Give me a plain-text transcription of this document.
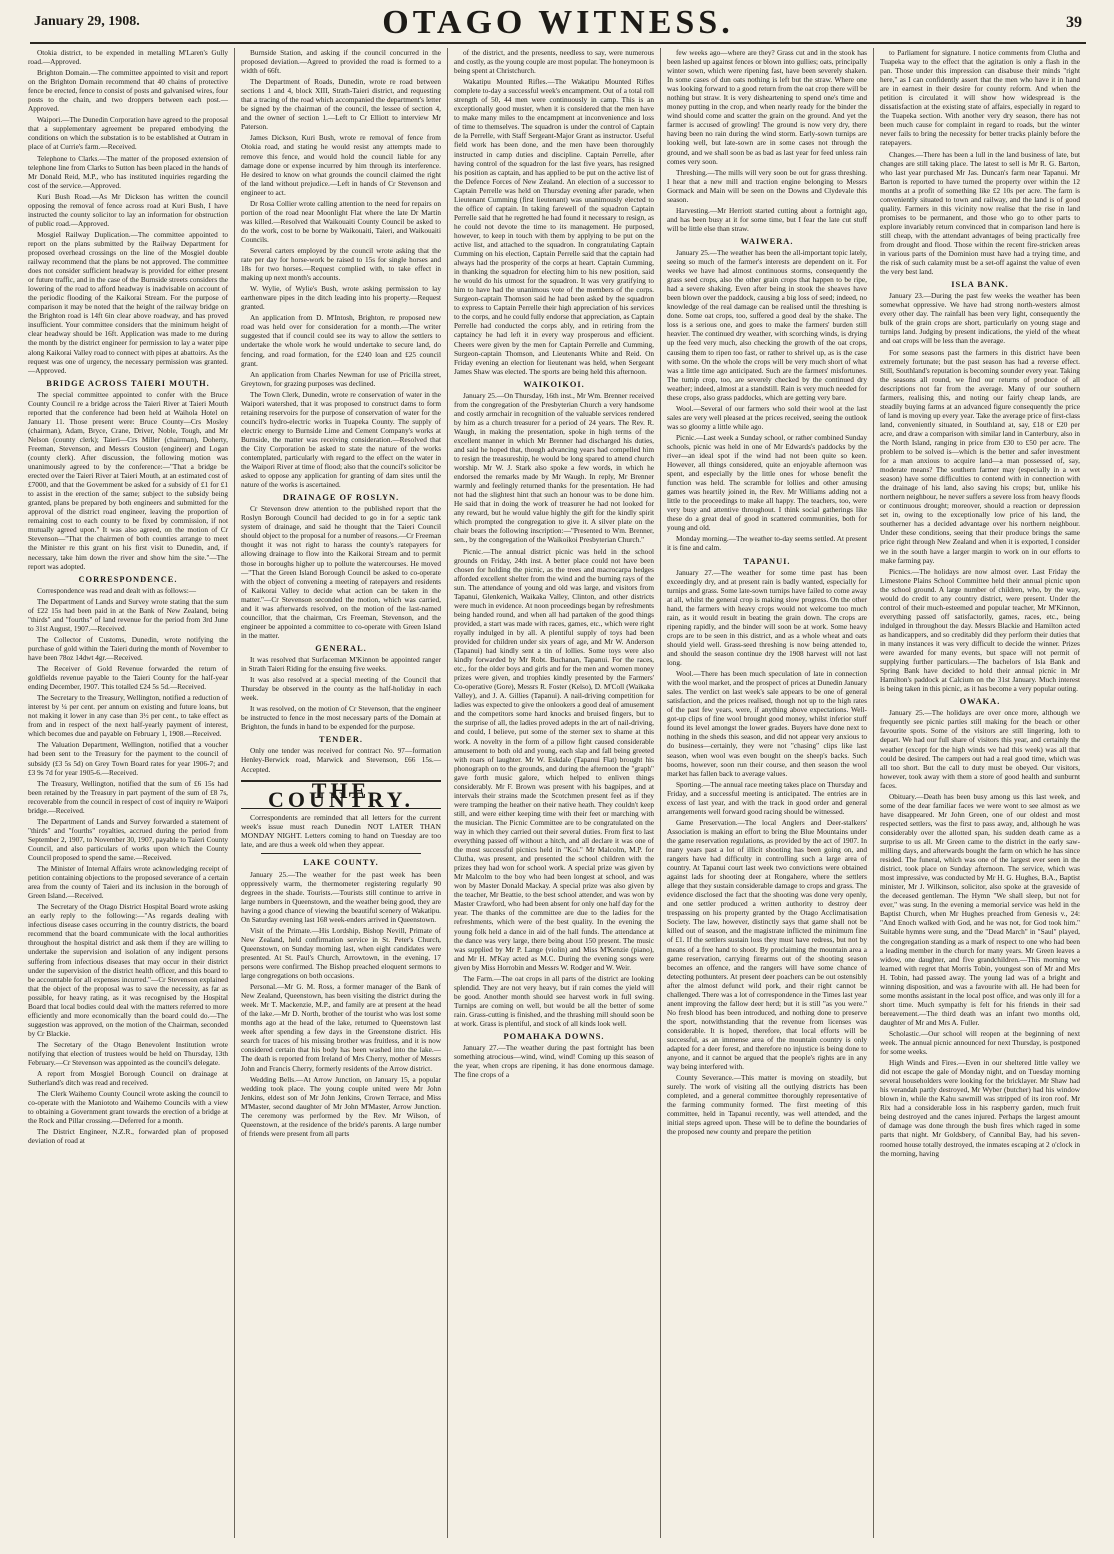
January 29, 1908.	OTAGO WITNESS.	39

Otokia district, to be expended in metalling M'Laren's Gully road.—Approved.

Brighton Domain.—The committee appointed to visit and report on the Brighton Domain recommend that 40 chains of protective fence be erected, fence to consist of posts and galvanised wires, four posts to the chain, and two droppers between each post.—Approved.

Waipori.—The Dunedin Corporation have agreed to the proposal that a supplementary agreement be prepared embodying the conditions on which the substation is to be established at Outram in place of at Currie's farm.—Received.

Telephone to Clarks.—The matter of the proposed extension of telephone line from Clarks to Sutton has been placed in the hands of Mr Donald Reid, M.P., who has instituted inquiries regarding the cost of the service.—Approved.

Kuri Bush Road.—As Mr Dickson has written the council opposing the removal of fence across road at Kuri Bush, I have instructed the county solicitor to lay an information for obstruction of public road.—Approved.

Mosgiel Railway Duplication.—The committee appointed to report on the plans submitted by the Railway Department for proposed overhead crossings on the line of the Mosgiel double railway recommend that the plans be not approved. The committee does not consider sufficient headway is provided for either present or future traffic, and in the case of the Burnside streets considers the lowering of the road to afford headway is inadvisable on account of the periodic flooding of the Kaikorai Stream. For the purpose of comparison it may be noted that the height of the railway bridge on the Brighton road is 14ft 6in clear above roadway, and has proved insufficient. Your committee considers that the minimum height of clear headway should be 16ft. Application was made to me during the month by the district engineer for permission to lay a water pipe along Kaikorai Valley road to connect with pipes at abattoirs. As the request was one of urgency, the necessary permission was granted.—Approved.

BRIDGE ACROSS TAIERI MOUTH.

The special committee appointed to confer with the Bruce County Council re a bridge across the Taieri River at Taieri Mouth reported that the conference had been held at Waihola Hotel on January 11. Those present were: Bruce County—Crs Mosley (chairman), Adam, Bryce, Crane, Driver, Noble, Tough, and Mr Nelson (county clerk); Taieri—Crs Miller (chairman), Doherty, Freeman, Stevenson, and Messrs Couston (engineer) and Logan (county clerk). After discussion, the following motion was unanimously agreed to by the conference:—"That a bridge be erected over the Taieri River at Taieri Mouth, at an estimated cost of £7000, and that the Government be asked for a subsidy of £1 for £1 to assist in the erection of the same; subject to the subsidy being granted, plans be prepared by both engineers and submitted for the approval of the district road engineer, leaving the proportion of remaining cost to each county to be fixed by commission, if not mutually agreed upon." It was also agreed, on the motion of Cr Stevenson—"That the chairmen of both counties arrange to meet the Minister re this grant on his first visit to Dunedin, and, if necessary, take him down the river and show him the site."—The report was adopted.

CORRESPONDENCE.

Correspondence was read and dealt with as follows:—

The Department of Lands and Survey wrote stating that the sum of £22 15s had been paid in at the Bank of New Zealand, being "thirds" and "fourths" of land revenue for the period from 3rd June to 31st August, 1907.—Received.

The Collector of Customs, Dunedin, wrote notifying the purchase of gold within the Taieri during the month of November to have been 78oz 14dwt 4gr.—Received.

The Receiver of Gold Revenue forwarded the return of goldfields revenue payable to the Taieri County for the half-year ending December, 1907. This totalled £24 5s 5d.—Received.

The Secretary to the Treasury, Wellington, notified a reduction of interest by ¼ per cent. per annum on existing and future loans, but not making it lower in any case than 3½ per cent., to take effect as from and in respect of the next half-yearly payment of interest, which becomes due and payable on February 1, 1908.—Received.

The Valuation Department, Wellington, notified that a voucher had been sent to the Treasury for the payment to the council of subsidy (£3 5s 5d) on Grey Town Board rates for year 1906-7; and £3 9s 7d for year 1905-6.—Received.

The Treasury, Wellington, notified that the sum of £6 15s had been retained by the Treasury in part payment of the sum of £8 7s, recoverable from the council in respect of cost of inquiry re Waipori bridge.—Received.

The Department of Lands and Survey forwarded a statement of "thirds" and "fourths" royalties, accrued during the period from September 2, 1907, to November 30, 1907, payable to Taieri County Council, and also particulars of works upon which the County Council proposed to spend the same.—Received.

The Minister of Internal Affairs wrote acknowledging receipt of petition containing objections to the proposed severance of a certain area from the county of Taieri and its inclusion in the borough of Green Island.—Received.

The Secretary of the Otago District Hospital Board wrote asking an early reply to the following:—"As regards dealing with infectious disease cases occurring in the country districts, the board recommend that the board communicate with the local authorities throughout the hospital district and ask them if they are willing to undertake the supervision and isolation of any indigent persons suffering from infectious diseases that may occur in their district under the supervision of the district health officer, and this board to be accountable for all expenses incurred."—Cr Stevenson explained that the object of the proposal was to save the necessity, as far as possible, for heavy rating, as it was recognised by the Hospital Board that local bodies could deal with the matters referred to more efficiently and more economically than the board could do.—The suggestion was approved, on the motion of the Chairman, seconded by Cr Blackie.

The Secretary of the Otago Benevolent Institution wrote notifying that election of trustees would be held on Thursday, 13th February.—Cr Stevenson was appointed as the council's delegate.

A report from Mosgiel Borough Council on drainage at Sutherland's ditch was read and received.

The Clerk Waihemo County Council wrote asking the council to co-operate with the Maniototo and Waihemo Councils with a view to obtaining a Government grant towards the erection of a bridge at the Rock and Pillar crossing.—Deferred for a month.

The District Engineer, N.Z.R., forwarded plan of proposed deviation of road at

Burnside Station, and asking if the council concurred in the proposed deviation.—Agreed to provided the road is formed to a width of 66ft.

The Department of Roads, Dunedin, wrote re road between sections 1 and 4, block XIII, Strath-Taieri district, and requesting that a tracing of the road which accompanied the department's letter be signed by the chairman of the council, the lessee of section 4, and the owner of section 1.—Left to Cr Elliott to interview Mr Paterson.

James Dickson, Kuri Bush, wrote re removal of fence from Otokia road, and stating he would resist any attempts made to remove this fence, and would hold the council liable for any damage done or expense incurred by him through its interference. He desired to know on what grounds the council claimed the right of the land without prejudice.—Left in hands of Cr Stevenson and engineer to act.

Dr Rosa Collier wrote calling attention to the need for repairs on portion of the road near Moonlight Flat where the late Dr Martin was killed.—Resolved that Waikouaiti County Council be asked to do the work, cost to be borne by Waikouaiti, Taieri, and Waikouaiti Councils.

Several carters employed by the council wrote asking that the rate per day for horse-work be raised to 15s for single horses and 18s for two horses.—Request complied with, to take effect in making up next month's accounts.

W. Wylie, of Wylie's Bush, wrote asking permission to lay earthenware pipes in the ditch leading into his property.—Request granted.

An application from D. M'Intosh, Brighton, re proposed new road was held over for consideration for a month.—The writer suggested that if council could see its way to allow the settlers to undertake the whole work he would undertake to secure land, do fencing, and road formation, for the £240 loan and £25 council grant.

An application from Charles Newman for use of Pricilla street, Greytown, for grazing purposes was declined.

The Town Clerk, Dunedin, wrote re conservation of water in the Waipori watershed, that it was proposed to construct dams to form retaining reservoirs for the purpose of conservation of water for the council's hydro-electric works in Tuapeka County. The supply of electric energy to Burnside Lime and Cement Company's works at Burnside, the matter was receiving consideration.—Resolved that the City Corporation be asked to state the nature of the works contemplated, particularly with regard to the effect on the water in the Waipori River at time of flood; also that the council's solicitor be asked to oppose any application for granting of dam sites until the nature of the works is ascertained.

DRAINAGE OF ROSLYN.

Cr Stevenson drew attention to the published report that the Roslyn Borough Council had decided to go in for a septic tank system of drainage, and said he thought that the Taieri Council should object to the proposal for a number of reasons.—Cr Freeman thought it was not right to harass the county's ratepayers for allowing drainage to flow into the Kaikorai Stream and to permit those in boroughs higher up to pollute the watercourses. He moved—"That the Green Island Borough Council be asked to co-operate with the object of convening a meeting of ratepayers and residents of Kaikorai Valley to decide what action can be taken in the matter."—Cr Stevenson seconded the motion, which was carried, and it was afterwards resolved, on the motion of the last-named councillor, that the chairman, Crs Freeman, Stevenson, and the engineer be appointed a committee to co-operate with Green Island in the matter.

GENERAL.

It was resolved that Surfaceman M'Kinnon be appointed ranger in Strath Taieri Riding for the ensuing five weeks.

It was also resolved at a special meeting of the Council that Thursday be observed in the county as the half-holiday in each week.

It was resolved, on the motion of Cr Stevenson, that the engineer be instructed to fence in the most necessary parts of the Domain at Brighton, the funds in hand to be expended for the purpose.

TENDER.

Only one tender was received for contract No. 97—formation Henley-Berwick road, Marwick and Stevenson, £66 15s.—Accepted.

THE COUNTRY.

Correspondents are reminded that all letters for the current week's issue must reach Dunedin NOT LATER THAN MONDAY NIGHT. Letters coming to hand on Tuesday are too late, and are thus a week old when they appear.

LAKE COUNTY.

January 25.—The weather for the past week has been oppressively warm, the thermometer registering regularly 90 degrees in the shade. Tourists.—Tourists still continue to arrive in large numbers in Queenstown, and the weather being good, they are having a good chance of viewing the beautiful scenery of Wakatipu. On Saturday evening last 168 week-enders arrived in Queenstown.

Visit of the Primate.—His Lordship, Bishop Nevill, Primate of New Zealand, held confirmation service in St. Peter's Church, Queenstown, on Sunday morning last, when eight candidates were presented. At St. Paul's Church, Arrowtown, in the evening, 17 persons were confirmed. The Bishop preached eloquent sermons to large congregations on both occasions.

Personal.—Mr G. M. Ross, a former manager of the Bank of New Zealand, Queenstown, has been visiting the district during the week. Mr T. Mackenzie, M.P., and family are at present at the head of the lake.—Mr D. North, brother of the tourist who was lost some months ago at the head of the lake, returned to Queenstown last week after spending a few days in the Greenstone district. His search for traces of his missing brother was fruitless, and it is now considered certain that his body has been washed into the lake.—The death is reported from Ireland of Mrs Cherry, mother of Messrs John and Francis Cherry, formerly residents of the Arrow district.

Wedding Bells.—At Arrow Junction, on January 15, a popular wedding took place. The young couple united were Mr John Jenkins, eldest son of Mr John Jenkins, Crown Terrace, and Miss M'Master, second daughter of Mr John M'Master, Arrow Junction. The ceremony was performed by the Rev. Mr Wilson, of Queenstown, at the residence of the bride's parents. A large number of friends were present from all parts

of the district, and the presents, needless to say, were numerous and costly, as the young couple are most popular. The honeymoon is being spent at Christchurch.

Wakatipu Mounted Rifles.—The Wakatipu Mounted Rifles complete to-day a successful week's encampment. Out of a total roll strength of 50, 44 men were continuously in camp. This is an exceptionally good muster, when it is considered that the men have to make many miles to the encampment at inconvenience and loss of time to themselves. The squadron is under the control of Captain de la Perrelle, with Staff Sergeant-Major Grant as instructor. Useful field work has been done, and the men have been thoroughly instructed in camp duties and discipline. Captain Perrelle, after having control of the squadron for the last five years, has resigned his position as captain, and has applied to be put on the active list of the Defence Forces of New Zealand. An election of a successor to Captain Perrelle was held on Thursday evening after parade, when Lieutenant Cumming (first lieutenant) was unanimously elected to the office of captain. In taking farewell of the squadron Captain Perrelle said that he regretted he had found it necessary to resign, as he could not devote the time to its management. He purposed, however, to keep in touch with them by applying to be put on the active list, and attached to the squadron. In congratulating Captain Cumming on his election, Captain Perrelle said that the captain had always had the prosperity of the corps at heart. Captain Cumming, in thanking the squadron for electing him to his new position, said he would do his utmost for the squadron. It was very gratifying to him to have had the unanimous vote of the members of the corps. Surgeon-captain Thomson said he had been asked by the squadron to express to Captain Perrelle their high appreciation of his services to the corps, and he could fully endorse that appreciation, as Captain Perrelle had conducted the corps ably, and in retiring from the captaincy he had left it in every way prosperous and efficient. Cheers were given by the men for Captain Perrelle and Cumming, Surgeon-captain Thomson, and Lieutenants White and Reid. On Friday evening an election for lieutenant was held, when Sergeant James Shaw was elected. The sports are being held this afternoon.

WAIKOIKOI.

January 25.—On Thursday, 16th inst., Mr Wm. Brenner received from the congregation of the Presbyterian Church a very handsome and costly armchair in recognition of the valuable services rendered by him as a church treasurer for a period of 24 years. The Rev. R. Waugh, in making the presentation, spoke in high terms of the excellent manner in which Mr Brenner had discharged his duties, and said he hoped that, though advancing years had compelled him to resign the treasureship, he would be long spared to attend church worship. Mr W. J. Stark also spoke a few words, in which he endorsed the remarks made by Mr Waugh. In reply, Mr Brenner warmly and feelingly returned thanks for the presentation. He had not had the slightest hint that such an honour was to be done him. He said that in doing the work of treasurer he had not looked for any reward, but he would value highly the gift for the kindly spirit which prompted the congregation to give it. A silver plate on the chair bears the following inscription:—"Presented to Wm. Brenner, sen., by the congregation of the Waikoikoi Presbyterian Church."

Picnic.—The annual district picnic was held in the school grounds on Friday, 24th inst. A better place could not have been chosen for holding the picnic, as the trees and macrocarpa hedges afforded excellent shelter from the wind and the burning rays of the sun. The attendance of young and old was large, and visitors from Tapanui, Glenkenich, Waikaka Valley, Clinton, and other districts were much in evidence. At noon proceedings began by refreshments being handed round, and when all had partaken of the good things provided, a start was made with races, games, etc., which were right royally indulged in by all. A plentiful supply of toys had been provided for children under six years of age, and Mr W. Anderson (Tapanui) had kindly sent a tin of lollies. Some toys were also kindly forwarded by Mr Robt. Buchanan, Tapanui. For the races, etc., for the older boys and girls and for the men and women money prizes were given, and trophies kindly presented by the Farmers' Co-operative (Gore), Messrs R. Foster (Kelso), D. M'Coll (Waikaka Valley), and J. A. Gillies (Tapanui). A nail-driving competition for ladies was expected to give the onlookers a good deal of amusement and the competitors some hard knocks and bruised fingers, but to the surprise of all, the ladies proved adepts in the art of nail-driving, and could, I believe, put some of the sterner sex to shame at this work. A novelty in the form of a pillow fight caused considerable amusement to both old and young, each slap and fall being greeted with roars of laughter. Mr W. Eskdale (Tapanui Flat) brought his phonograph on to the grounds, and during the afternoon the "graph" gave forth music galore, which helped to enliven things considerably. Mr F. Brown was present with his bagpipes, and at intervals their strains made the Scotchmen present feel as if they were tramping the heather on their native heath. They couldn't keep still, and were either keeping time with their feet or marching with the musician. The Picnic Committee are to be congratulated on the way in which they carried out their several duties. From first to last everything passed off without a hitch, and all declare it was one of the most successful picnics held in "Koi." Mr Malcolm, M.P. for Clutha, was present, and presented the school children with the prizes they had won for school work. A special prize was given by Mr Malcolm to the boy who had been longest at school, and was won by Master Donald Mackay. A special prize was also given by the teacher, Mr Beattie, to the best school attender, and was won by Master Crawford, who had been absent for only one half day for the year. The thanks of the committee are due to the ladies for the refreshments, which were of the best quality. In the evening the young folk held a dance in aid of the hall funds. The attendance at the dance was very large, there being about 150 present. The music was supplied by Mr P. Lange (violin) and Miss M'Kenzie (piano), and Mr H. M'Kay acted as M.C. During the evening songs were given by Miss Horrobin and Messrs W. Rodger and W. Weir.

The Farm.—The oat crops in all parts of the district are looking splendid. They are not very heavy, but if rain comes the yield will be good. Another month should see harvest work in full swing. Turnips are coming on well, but would be all the better of some rain. Grass-cutting is finished, and the thrashing mill should soon be at work. Grass is plentiful, and stock of all kinds look well.

POMAHAKA DOWNS.

January 27.—The weather during the past fortnight has been something atrocious—wind, wind, wind! Coming up this season of the year, when crops are ripening, it has done enormous damage. The fine crops of a

few weeks ago—where are they? Grass cut and in the stook has been lashed up against fences or blown into gullies; oats, principally winter sown, which were ripening fast, have been severely shaken. In some cases of dun oats nothing is left but the straw. Where one was looking forward to a good return from the oat crop there will be nothing but straw. It is very disheartening to spend one's time and money putting in the crop, and when nearly ready for the binder the wind should come and scatter the grain on the ground. And yet the farmer is accused of growling! The ground is now very dry, there having been no rain during the wind storm. Early-sown turnips are looking well, but late-sown are in some cases not through the ground, and we shall soon be as bad as last year for feed unless rain comes very soon.

Threshing.—The mills will very soon be out for grass threshing. I hear that a new mill and traction engine belonging to Messrs Gormack and Main will be seen on the Downs and Clydevale this season.

Harvesting.—Mr Herriott started cutting about a fortnight ago, and has been busy at it for some time, but I fear the late cut stuff will be little else than straw.

WAIWERA.

January 25.—The weather has been the all-important topic lately, seeing so much of the farmer's interests are dependent on it. For weeks we have had almost continuous storms, consequently the grass seed crops, also the other grain crops that happen to be ripe, had a severe shaking. Even after being in stook the sheaves have been blown over the paddock, causing a big loss of seed; indeed, no knowledge of the real damage can be realised until the threshing is done. Some oat crops, too, suffered a good deal by the shake. The loss is a serious one, and goes to make the farmers' burden still heavier. The continued dry weather, with scorching winds, is drying up the feed very much, also checking the growth of the oat crops, causing them to ripen too fast, or rather to shrivel up, as is the case with some. On the whole the crops will be very much short of what was a little time ago anticipated. Such are the farmers' misfortunes. The turnip crop, too, are severely checked by the continued dry weather; indeed, almost at a standstill. Rain is very much needed for these crops, also grass paddocks, which are getting very bare.

Wool.—Several of our farmers who sold their wool at the last sales are very well pleased at the prices received, seeing the outlook was so gloomy a little while ago.

Picnic.—Last week a Sunday school, or rather combined Sunday schools, picnic was held in one of Mr Edwards's paddocks by the river—an ideal spot if the wind had not been quite so keen. However, all things considered, quite an enjoyable afternoon was spent, and especially by the little ones for whose benefit the function was held. The scramble for lollies and other amusing games was heartily joined in, the Rev. Mr Williams adding not a little to the proceedings to make all happy. The teachers, too, were very busy and attentive throughout. I think social gatherings like these do a great deal of good in scattered communities, both for young and old.

Monday morning.—The weather to-day seems settled. At present it is fine and calm.

TAPANUI.

January 27.—The weather for some time past has been exceedingly dry, and at present rain is badly wanted, especially for turnips and grass. Some late-sown turnips have failed to come away at all, whilst the general crop is making slow progress. On the other hand, the farmers with heavy crops would not welcome too much rain, as it would result in beating the grain down. The crops are ripening rapidly, and the binder will soon be at work. Some heavy crops are to be seen in this district, and as a whole wheat and oats should yield well. Grass-seed threshing is now being attended to, and should the season continue dry the 1908 harvest will not last long.

Wool.—There has been much speculation of late in connection with the wool market, and the prospect of prices at Dunedin January sales. The verdict on last week's sale appears to be one of general satisfaction, and the prices realised, though not up to the high rates of the past few years, were, if anything above expectations. Well-got-up clips of fine wool brought good money, whilst inferior stuff found its level amongst the lower grades. Buyers have done next to nothing in the sheds this season, and did not appear very anxious to do business—certainly, they were not "chasing" clips like last season, when wool was even bought on the sheep's backs. Such booms, however, soon run their course, and then season the wool market has fallen back to average values.

Sporting.—The annual race meeting takes place on Thursday and Friday, and a successful meeting is anticipated. The entries are in excess of last year, and with the track in good order and general arrangements well forward good racing should be witnessed.

Game Preservation.—The local Anglers and Deer-stalkers' Association is making an effort to bring the Blue Mountains under the game reservation regulations, as provided by the act of 1907. In many years past a lot of illicit shooting has been going on, and rangers have had difficulty in controlling such a large area of country. At Tapanui court last week two convictions were obtained against lads for shooting deer at Rongahere, where the settlers allege that they sustain considerable damage to crops and grass. The evidence disclosed the fact that the shooting was done very openly, and one settler produced a written authority to destroy deer trespassing on his property granted by the Otago Acclimatisation Society. The law, however, distinctly says that game shall not be killed out of season, and the magistrate inflicted the minimum fine of £1. If the settlers sustain loss they must have redress, but not by means of a free hand to shoot. By proclaiming the mountain area a game reservation, carrying firearms out of the shooting season becomes an offence, and the rangers will have some chance of detecting pothunters. At present deer poachers can be out ostensibly after the almost defunct wild pork, and their right cannot be challenged. There was a lot of correspondence in the Times last year anent improving the fallow deer herd; but it is still "as you were." No fresh blood has been introduced, and nothing done to preserve the sport, notwithstanding that the revenue from licenses was considerable. It is hoped, therefore, that local efforts will be successful, as an immense area of the mountain country is only adapted for a deer forest, and therefore no injustice is being done to anyone, and it cannot be argued that the people's rights are in any way being interfered with.

County Severance.—This matter is moving on steadily, but surely. The work of visiting all the outlying districts has been completed, and a general committee thoroughly representative of the farming community formed. The first meeting of this committee, held in Tapanui recently, was well attended, and the initial steps agreed upon. These will be to define the boundaries of the proposed new county and prepare the petition

to Parliament for signature. I notice comments from Clutha and Tuapeka way to the effect that the agitation is only a flash in the pan. Those under this impression can disabuse their minds "right here," as I can confidently assert that the men who have it in hand are in earnest in their desire for county reform. And when the petition is circulated it will show how widespread is the dissatisfaction at the existing state of affairs, especially in regard to the Tuapeka section. With another very dry season, there has not been much cause for complaint in regard to roads, but the winter never fails to bring the necessity for better tracks plainly before the ratepayers.

Changes.—There has been a lull in the land business of late, but changes are still taking place. The latest to sell is Mr R. G. Barton, who last year purchased Mr Jas. Duncan's farm near Tapanui. Mr Barton is reported to have turned the property over within the 12 months at a profit of something like £2 10s per acre. The farm is conveniently situated to town and railway, and the land is of good quality. Farmers in this vicinity now realise that the rise in land promises to be permanent, and those who go to other parts to explore invariably return convinced that in comparison land here is still cheap, with the attendant advantages of being practically free from drought and flood. Those within the recent fire-stricken areas in various parts of the Dominion must have had a trying time, and the risk of such calamity must be a set-off against the value of even the very best land.

ISLA BANK.

January 23.—During the past few weeks the weather has been somewhat oppressive. We have had strong north-westers almost every other day. The rainfall has been very light, consequently the bulk of the grain crops are short, particularly on young stage and turnips land. Judging by present indications, the yield of the wheat and oat crops will be less than the average.

For some seasons past the farmers in this district have been extremely fortunate; but the past season has had a reverse effect. Still, Southland's reputation is becoming sounder every year. Taking the seasons all round, we find our returns of produce of all descriptions not far from the average. Many of our southern farmers, realising this, and noting our fairly cheap lands, are steadily buying farms at an advanced figure consequently the price of land is moving up every year. Take the average price of first-class land, conveniently situated, in Southland at, say, £18 or £20 per acre, and draw a comparison with similar land in Canterbury, also in the North Island, ranging in price from £30 to £50 per acre. The problem to be solved is—which is the better and safer investment for a man anxious to acquire land—a man possessed of, say, moderate means? The southern farmer may (especially in a wet season) have some difficulties to contend with in connection with the drainage of his land, also saving his crops; but, unlike his northern neighbour, he never suffers a severe loss from heavy floods or continuous drought; moreover, should a reaction or depression set in, owing to the exceptionally low price of his land, the southerner has a decided advantage over his northern neighbour. Under these conditions, seeing that their produce brings the same price right through New Zealand and when it is exported, I consider we in the south have a larger margin to work on in our efforts to make farming pay.

Picnics.—The holidays are now almost over. Last Friday the Limestone Plains School Committee held their annual picnic upon the school ground. A large number of children, who, by the way, would do credit to any country district, were present. Under the control of their much-esteemed and popular teacher, Mr M'Kinnon, everything passed off satisfactorily, games, races, etc., being indulged in throughout the day. Messrs Blackie and Hamilton acted as handicappers, and so creditably did they perform their duties that in many instances it was very difficult to decide the winner. Prizes were awarded for many events, but space will not permit of supplying further particulars.—The bachelors of Isla Bank and Spring Bank have decided to hold their annual picnic in Mr Hamilton's paddock at Calcium on the 31st January. Much interest is being taken in this picnic, as it has become a very popular outing.

OWAKA.

January 25.—The holidays are over once more, although we frequently see picnic parties still making for the beach or other favourite spots. Some of the visitors are still lingering, loth to depart. We had our full share of visitors this year, and certainly the weather (except for the high winds we had this week) was all that could be desired. The campers out had a real good time, which was all too short. But the call to duty must be obeyed. Our visitors, however, took away with them a store of good health and sunburnt faces.

Obituary.—Death has been busy among us this last week, and some of the dear familiar faces we were wont to see almost as we have disappeared. Mr John Green, one of our oldest and most respected settlers, was the first to pass away, and, although he was considerably over the allotted span, his sudden death came as a surprise to us all. Mr Green came to the district in the early saw-milling days, and afterwards bought the farm on which he has since resided. The funeral, which was one of the largest ever seen in the district, took place on Sunday afternoon. The service, which was most impressive, was conducted by Mr H. G. Hughes, B.A., Baptist minister, Mr J. Wilkinson, solicitor, also spoke at the graveside of the deceased gentleman. The Hymn "We shall sleep, but not for ever," was sung. In the evening a memorial service was held in the Baptist Church, when Mr Hughes preached from Genesis v., 24: "And Enoch walked with God, and he was not, for God took him." Suitable hymns were sung, and the "Dead March" in "Saul" played, the congregation standing as a mark of respect to one who had been a leading member in the church for many years. Mr Green leaves a widow, one daughter, and five grandchildren.—This morning we learned with regret that Morris Tobin, youngest son of Mr and Mrs H. Tobin, had passed away. The young lad was of a bright and winning disposition, and was a favourite with all. He had been for some months assistant in the local post office, and was only ill for a short time. Much sympathy is felt for his friends in their sad bereavement.—The third death was an infant two months old, daughter of Mr and Mrs A. Fuller.

Scholastic.—Our school will reopen at the beginning of next week. The annual picnic announced for next Thursday, is postponed for some weeks.

High Winds and Fires.—Even in our sheltered little valley we did not escape the gale of Monday night, and on Tuesday morning several householders were looking for the bricklayer. Mr Shaw had his verandah partly destroyed, Mr Wyber (butcher) had his window blown in, while the Kahu sawmill was stripped of its iron roof. Mr Rix had a considerable loss in his raspberry garden, much fruit being destroyed and the canes injured. Perhaps the largest amount of damage was done through the bush fires which raged in some parts that night. Mr Goldsbery, of Cannibal Bay, had his seven-roomed house totally destroyed, the inmates escaping at 2 o'clock in the morning, having
